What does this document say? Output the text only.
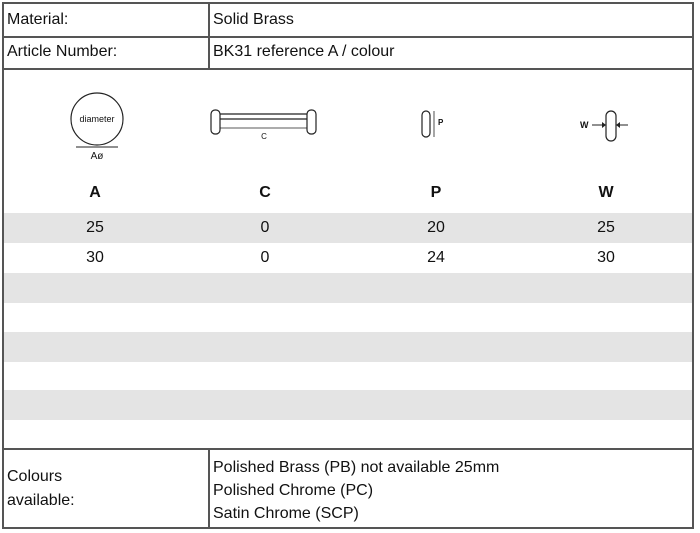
Material:	Solid Brass
Article Number:	BK31 reference A / colour
diameter
Aø
C
P	W
A	C	P	W
25	0	20	25
30	0	24	30
Colours
available:
Polished Brass (PB) not available 25mm
Polished Chrome (PC)
Satin Chrome (SCP)
